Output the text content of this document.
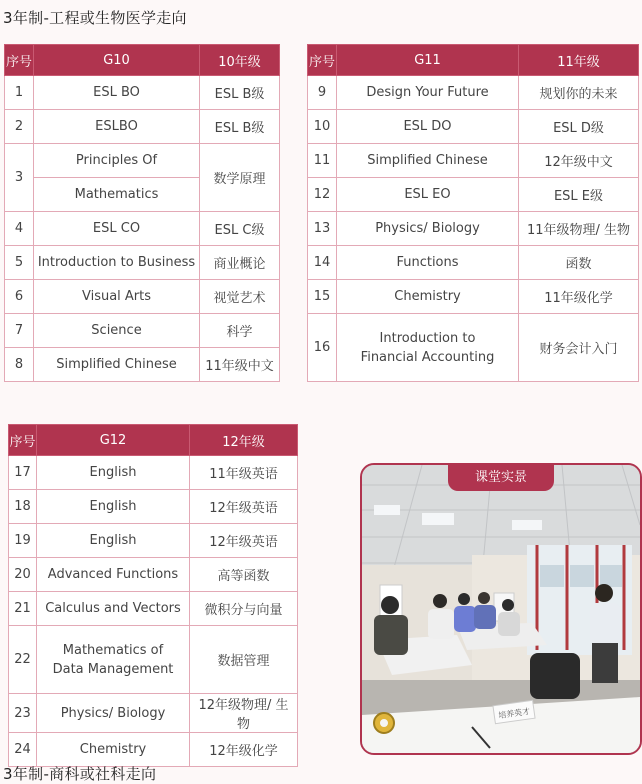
3年制-工程或生物医学走向
序号	G10	10年级
1	ESL BO	ESL B级
2	ESLBO	ESL B级
3	Principles Of	数学原理
	Mathematics	
4	ESL CO	ESL C级
5	Introduction to Business	商业概论
6	Visual Arts	视觉艺术
7	Science	科学
8	Simplified Chinese	11年级中文
序号	G11	11年级
9	Design Your Future	规划你的未来
10	ESL DO	ESL D级
11	Simplified Chinese	12年级中文
12	ESL EO	ESL E级
13	Physics/ Biology	11年级物理/ 生物
14	Functions	函数
15	Chemistry	11年级化学
16	Introduction to
Financial Accounting	财务会计入门
序号	G12	12年级
17	English	11年级英语
18	English	12年级英语
19	English	12年级英语
20	Advanced Functions	高等函数
21	Calculus and Vectors	微积分与向量
22	Mathematics of
Data Management	数据管理
23	Physics/ Biology	12年级物理/ 生物
24	Chemistry	12年级化学
课堂实景
培养英才
3年制-商科或社科走向
